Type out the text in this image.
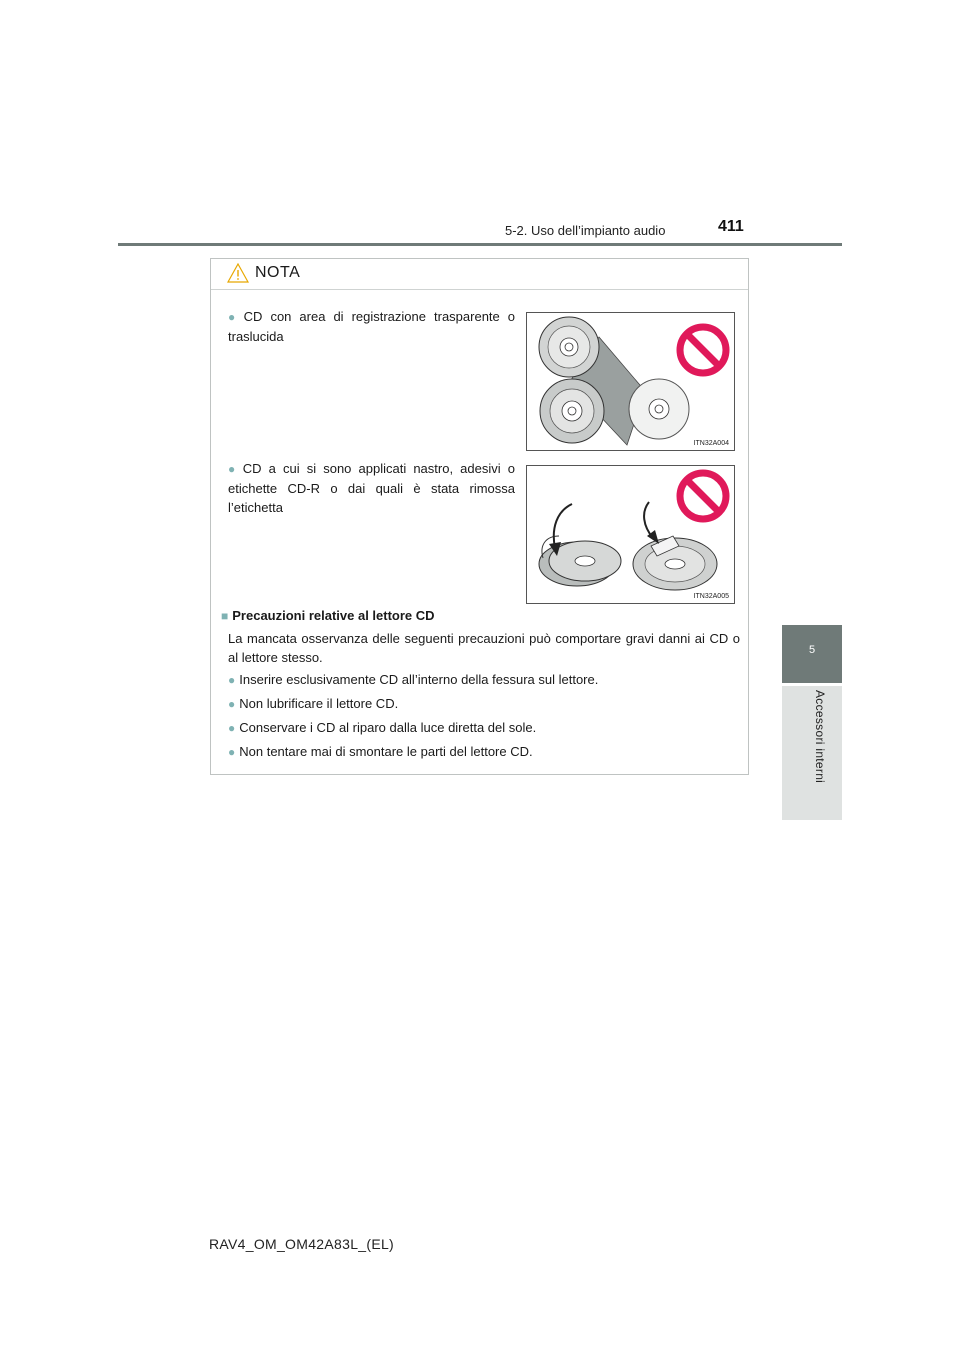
5-2. Uso dell’impianto audio	411
5
Accessori interni
NOTA
● CD con area di registrazione trasparente o traslucida
ITN32A004
● CD a cui si sono applicati nastro, adesivi o etichette CD-R o dai quali è stata rimossa l’etichetta
ITN32A005
■ Precauzioni relative al lettore CD
La mancata osservanza delle seguenti precauzioni può comportare gravi danni ai CD o al lettore stesso.
● Inserire esclusivamente CD all’interno della fessura sul lettore.
● Non lubrificare il lettore CD.
● Conservare i CD al riparo dalla luce diretta del sole.
● Non tentare mai di smontare le parti del lettore CD.
RAV4_OM_OM42A83L_(EL)
